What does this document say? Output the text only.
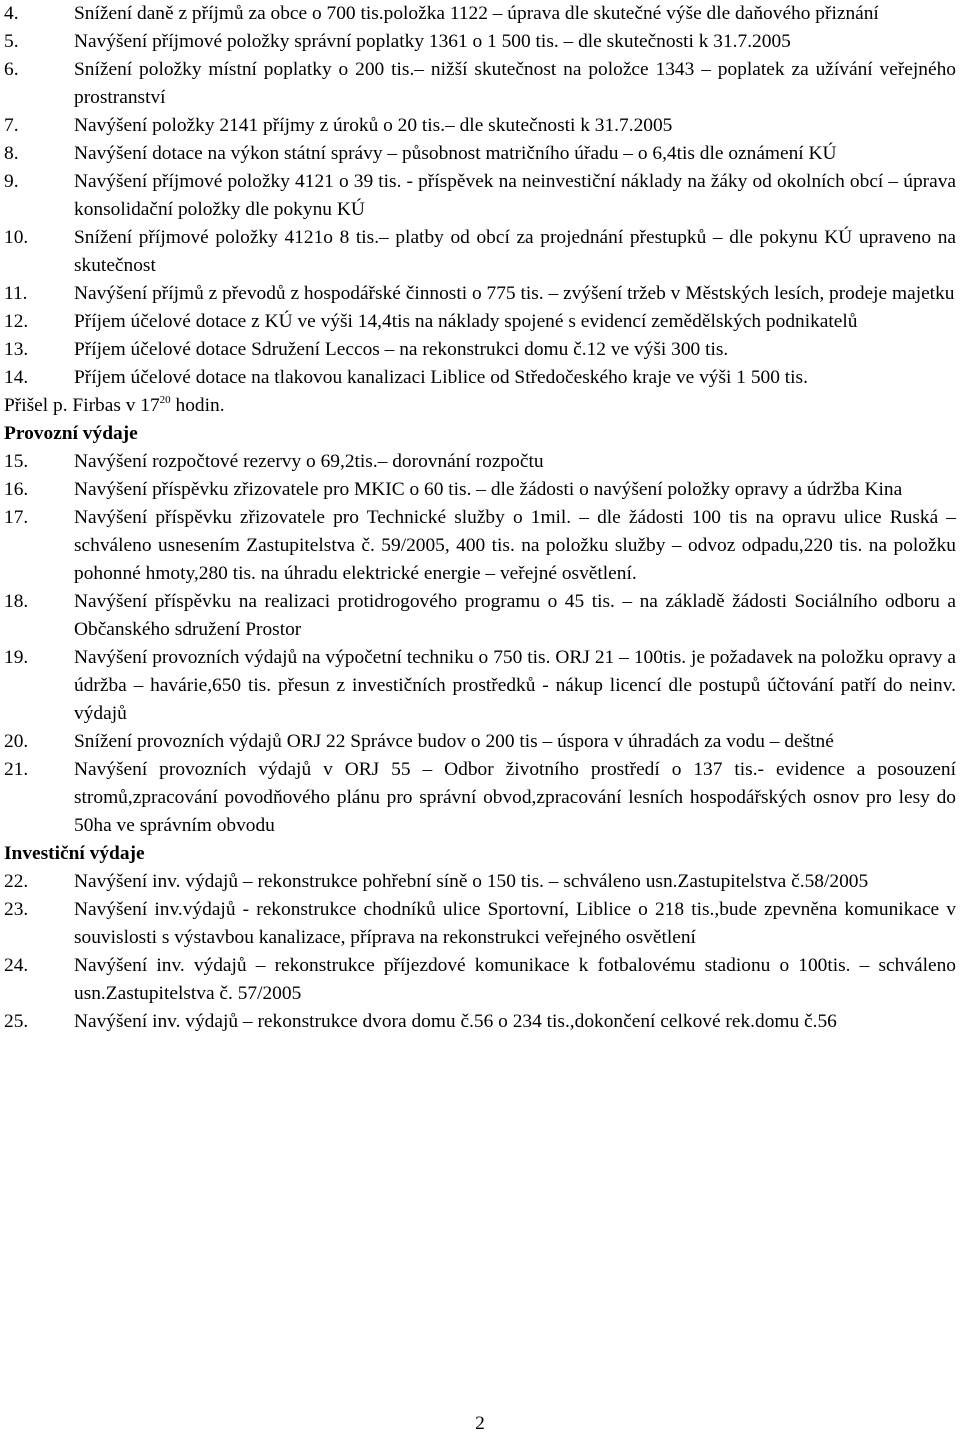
4.	Snížení daně z příjmů za obce o 700 tis.položka 1122 – úprava dle skutečné výše dle daňového přiznání
5.	Navýšení příjmové položky správní poplatky 1361 o 1 500 tis. – dle skutečnosti k 31.7.2005
6.	Snížení položky místní poplatky o 200 tis.– nižší skutečnost na položce 1343 – poplatek za užívání veřejného prostranství
7.	Navýšení položky 2141 příjmy z úroků o 20 tis.– dle skutečnosti k 31.7.2005
8.	Navýšení dotace na výkon státní správy – působnost matričního úřadu – o 6,4tis dle oznámení KÚ
9.	Navýšení příjmové položky 4121 o 39 tis. - příspěvek na neinvestiční náklady na žáky od okolních obcí – úprava konsolidační položky dle pokynu KÚ
10.	Snížení příjmové položky 4121o 8 tis.– platby od obcí za projednání přestupků – dle pokynu KÚ upraveno na skutečnost
11.	Navýšení příjmů z převodů z hospodářské činnosti o 775 tis. – zvýšení tržeb v Městských lesích, prodeje majetku
12.	Příjem účelové dotace z KÚ ve výši 14,4tis na náklady spojené s evidencí zemědělských podnikatelů
13.	Příjem účelové dotace Sdružení Leccos – na rekonstrukci domu č.12 ve výši 300 tis.
14.	Příjem účelové dotace na tlakovou kanalizaci Liblice od Středočeského kraje ve výši 1 500 tis.
Přišel p. Firbas v $17^{20}$ hodin.
Provozní výdaje
15.	Navýšení rozpočtové rezervy o 69,2tis.– dorovnání rozpočtu
16.	Navýšení příspěvku zřizovatele pro MKIC o 60 tis. – dle žádosti o navýšení položky opravy a údržba Kina
17.	Navýšení příspěvku zřizovatele pro Technické služby o 1mil. – dle žádosti 100 tis na opravu ulice Ruská – schváleno usnesením Zastupitelstva č. 59/2005, 400 tis. na položku služby – odvoz odpadu,220 tis. na položku pohonné hmoty,280 tis. na úhradu elektrické energie – veřejné osvětlení.
18.	Navýšení příspěvku na realizaci protidrogového programu o 45 tis. – na základě žádosti Sociálního odboru a Občanského sdružení Prostor
19.	Navýšení provozních výdajů na výpočetní techniku o 750 tis. ORJ 21 – 100tis. je požadavek na položku opravy a údržba – havárie,650 tis. přesun z investičních prostředků - nákup licencí dle postupů účtování patří do neinv. výdajů
20.	Snížení provozních výdajů ORJ 22 Správce budov o 200 tis – úspora v úhradách za vodu – deštné
21.	Navýšení provozních výdajů v ORJ 55 – Odbor životního prostředí o 137 tis.- evidence a posouzení stromů,zpracování povodňového plánu pro správní obvod,zpracování lesních hospodářských osnov pro lesy do 50ha ve správním obvodu
Investiční výdaje
22.	Navýšení inv. výdajů – rekonstrukce pohřební síně o 150 tis. – schváleno usn.Zastupitelstva č.58/2005
23.	Navýšení inv.výdajů - rekonstrukce chodníků ulice Sportovní, Liblice o 218 tis.,bude zpevněna komunikace v souvislosti s výstavbou kanalizace, příprava na rekonstrukci veřejného osvětlení
24.	Navýšení inv. výdajů – rekonstrukce příjezdové komunikace k fotbalovému stadionu o 100tis. – schváleno usn.Zastupitelstva č. 57/2005
25.	Navýšení inv. výdajů – rekonstrukce dvora domu č.56 o 234 tis.,dokončení celkové rek.domu č.56
2
